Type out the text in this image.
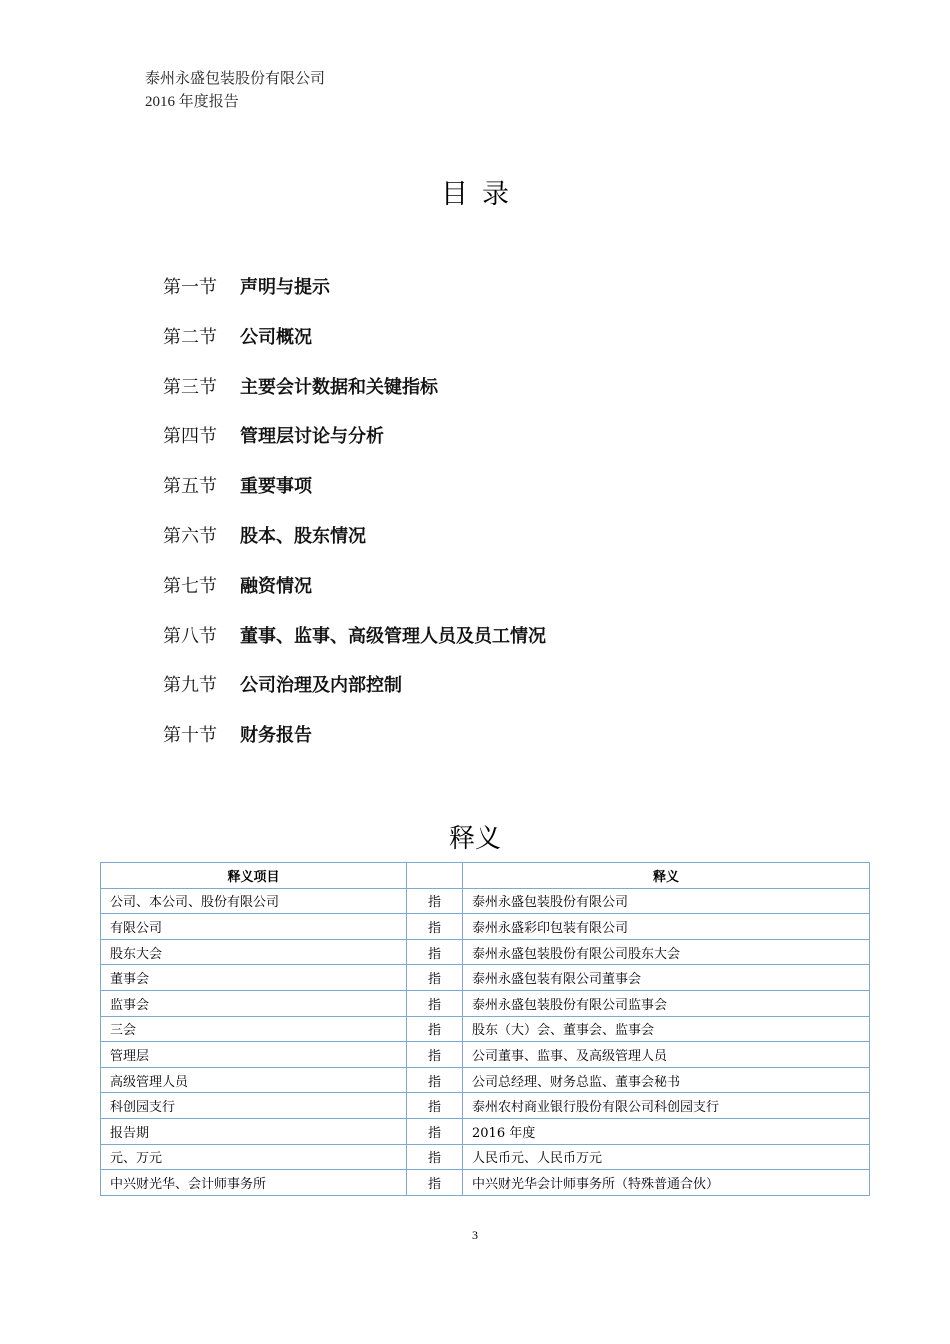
泰州永盛包装股份有限公司
2016 年度报告
目录
第一节	声明与提示
第二节	公司概况
第三节	主要会计数据和关键指标
第四节	管理层讨论与分析
第五节	重要事项
第六节	股本、股东情况
第七节	融资情况
第八节	董事、监事、高级管理人员及员工情况
第九节	公司治理及内部控制
第十节	财务报告
释义
释义项目		释义
公司、本公司、股份有限公司	指	泰州永盛包装股份有限公司
有限公司	指	泰州永盛彩印包装有限公司
股东大会	指	泰州永盛包装股份有限公司股东大会
董事会	指	泰州永盛包装有限公司董事会
监事会	指	泰州永盛包装股份有限公司监事会
三会	指	股东（大）会、董事会、监事会
管理层	指	公司董事、监事、及高级管理人员
高级管理人员	指	公司总经理、财务总监、董事会秘书
科创园支行	指	泰州农村商业银行股份有限公司科创园支行
报告期	指	2016 年度
元、万元	指	人民币元、人民币万元
中兴财光华、会计师事务所	指	中兴财光华会计师事务所（特殊普通合伙）
3
